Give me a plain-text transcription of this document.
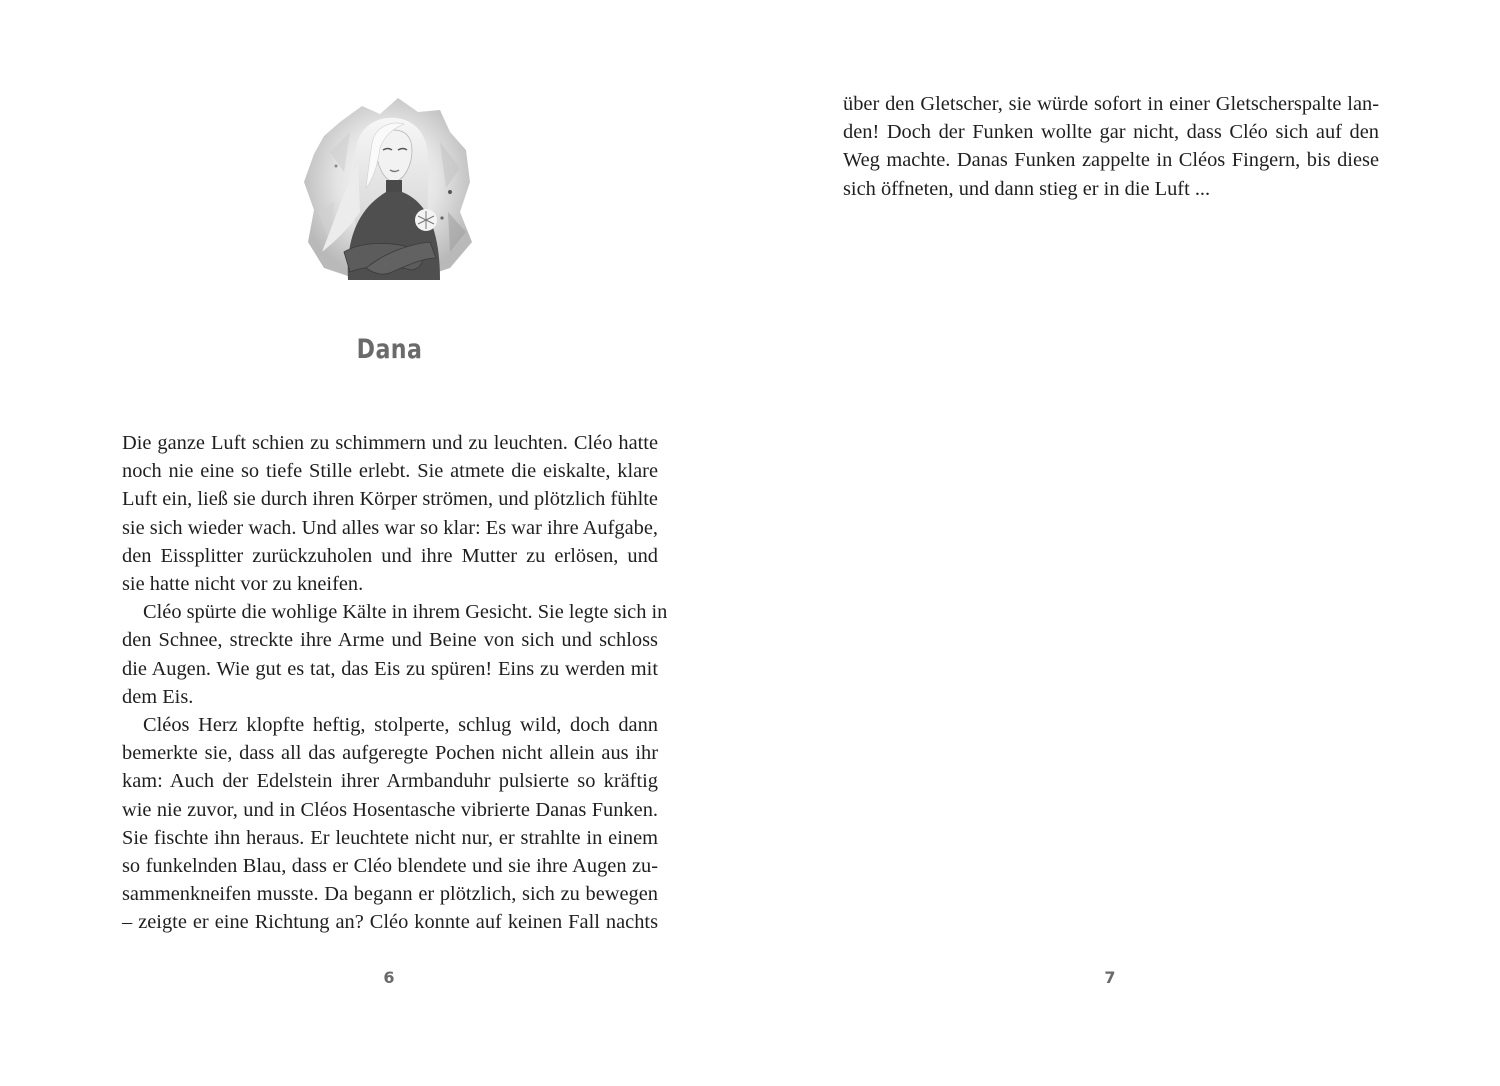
Dana
Die ganze Luft schien zu schimmern und zu leuchten. Cléo hatte
noch nie eine so tiefe Stille erlebt. Sie atmete die eiskalte, klare
Luft ein, ließ sie durch ihren Körper strömen, und plötzlich fühlte
sie sich wieder wach. Und alles war so klar: Es war ihre Aufgabe,
den Eissplitter zurückzuholen und ihre Mutter zu erlösen, und
sie hatte nicht vor zu kneifen.
Cléo spürte die wohlige Kälte in ihrem Gesicht. Sie legte sich in
den Schnee, streckte ihre Arme und Beine von sich und schloss
die Augen. Wie gut es tat, das Eis zu spüren! Eins zu werden mit
dem Eis.
Cléos Herz klopfte heftig, stolperte, schlug wild, doch dann
bemerkte sie, dass all das aufgeregte Pochen nicht allein aus ihr
kam: Auch der Edelstein ihrer Armbanduhr pulsierte so kräftig
wie nie zuvor, und in Cléos Hosentasche vibrierte Danas Funken.
Sie fischte ihn heraus. Er leuchtete nicht nur, er strahlte in einem
so funkelnden Blau, dass er Cléo blendete und sie ihre Augen zu-
sammenkneifen musste. Da begann er plötzlich, sich zu bewegen
– zeigte er eine Richtung an? Cléo konnte auf keinen Fall nachts
6
über den Gletscher, sie würde sofort in einer Gletscherspalte lan-
den! Doch der Funken wollte gar nicht, dass Cléo sich auf den
Weg machte. Danas Funken zappelte in Cléos Fingern, bis diese
sich öffneten, und dann stieg er in die Luft ...
7
